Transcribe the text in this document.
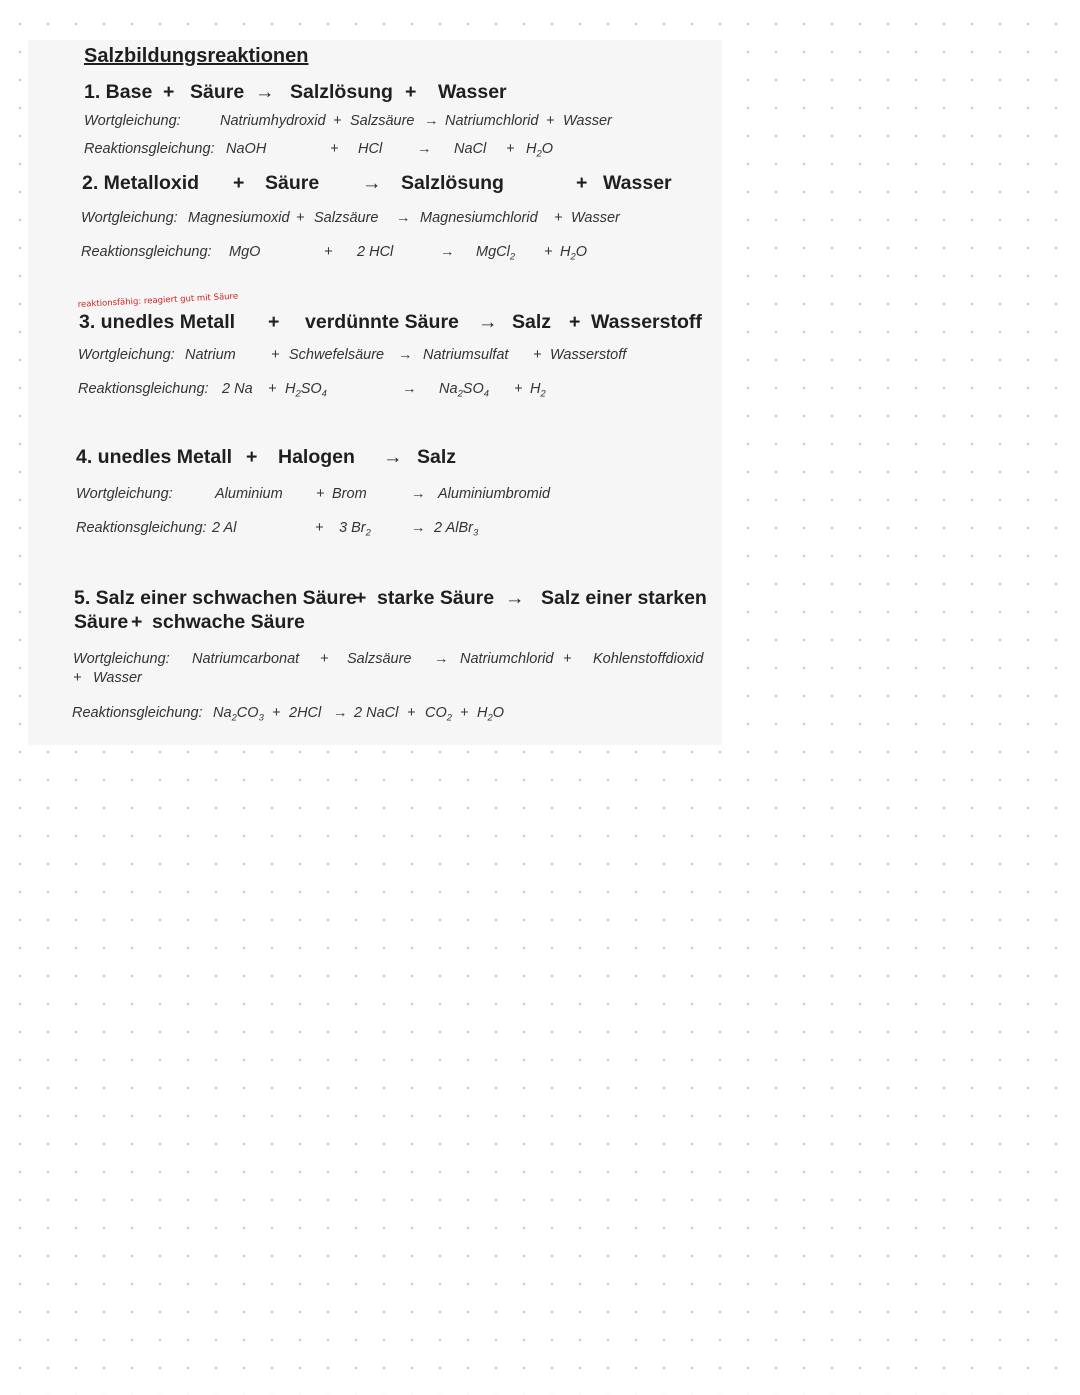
Salzbildungsreaktionen
1. Base + Säure → Salzlösung + Wasser
Wortgleichung:	Natriumhydroxid + Salzsäure → Natriumchlorid + Wasser
Reaktionsgleichung: NaOH	+ HCl → NaCl + $H_2O$
2. Metalloxid + Säure → Salzlösung	+ Wasser
Wortgleichung: Magnesiumoxid + Salzsäure → Magnesiumchlorid + Wasser
Reaktionsgleichung: MgO	+ 2 HCl	→ MgCl$_2$ + $H_2O$
reaktionsfähig: reagiert gut mit Säure
3. unedles Metall + verdünnte Säure → Salz + Wasserstoff
Wortgleichung: Natrium + Schwefelsäure → Natriumsulfat + Wasserstoff
Reaktionsgleichung: 2 $Na + H_2SO_4$	→ $Na_2SO_4 + H_2$
4. unedles Metall + Halogen → Salz
Wortgleichung:	Aluminium + Brom	→ Aluminiumbromid
Reaktionsgleichung: 2 Al	+ 3 $Br_2$	→ 2 AlBr$_3$
5. Salz einer schwachen Säure
+ starke Säure → Salz einer starken
Säure + schwache Säure
Wortgleichung: Natriumcarbonat + Salzsäure → Natriumchlorid + Kohlenstoffdioxid
+ Wasser
Reaktionsgleichung: $Na_2CO_3 + 2HCl \to 2$ NaCl + $CO_2 + H_2O$
